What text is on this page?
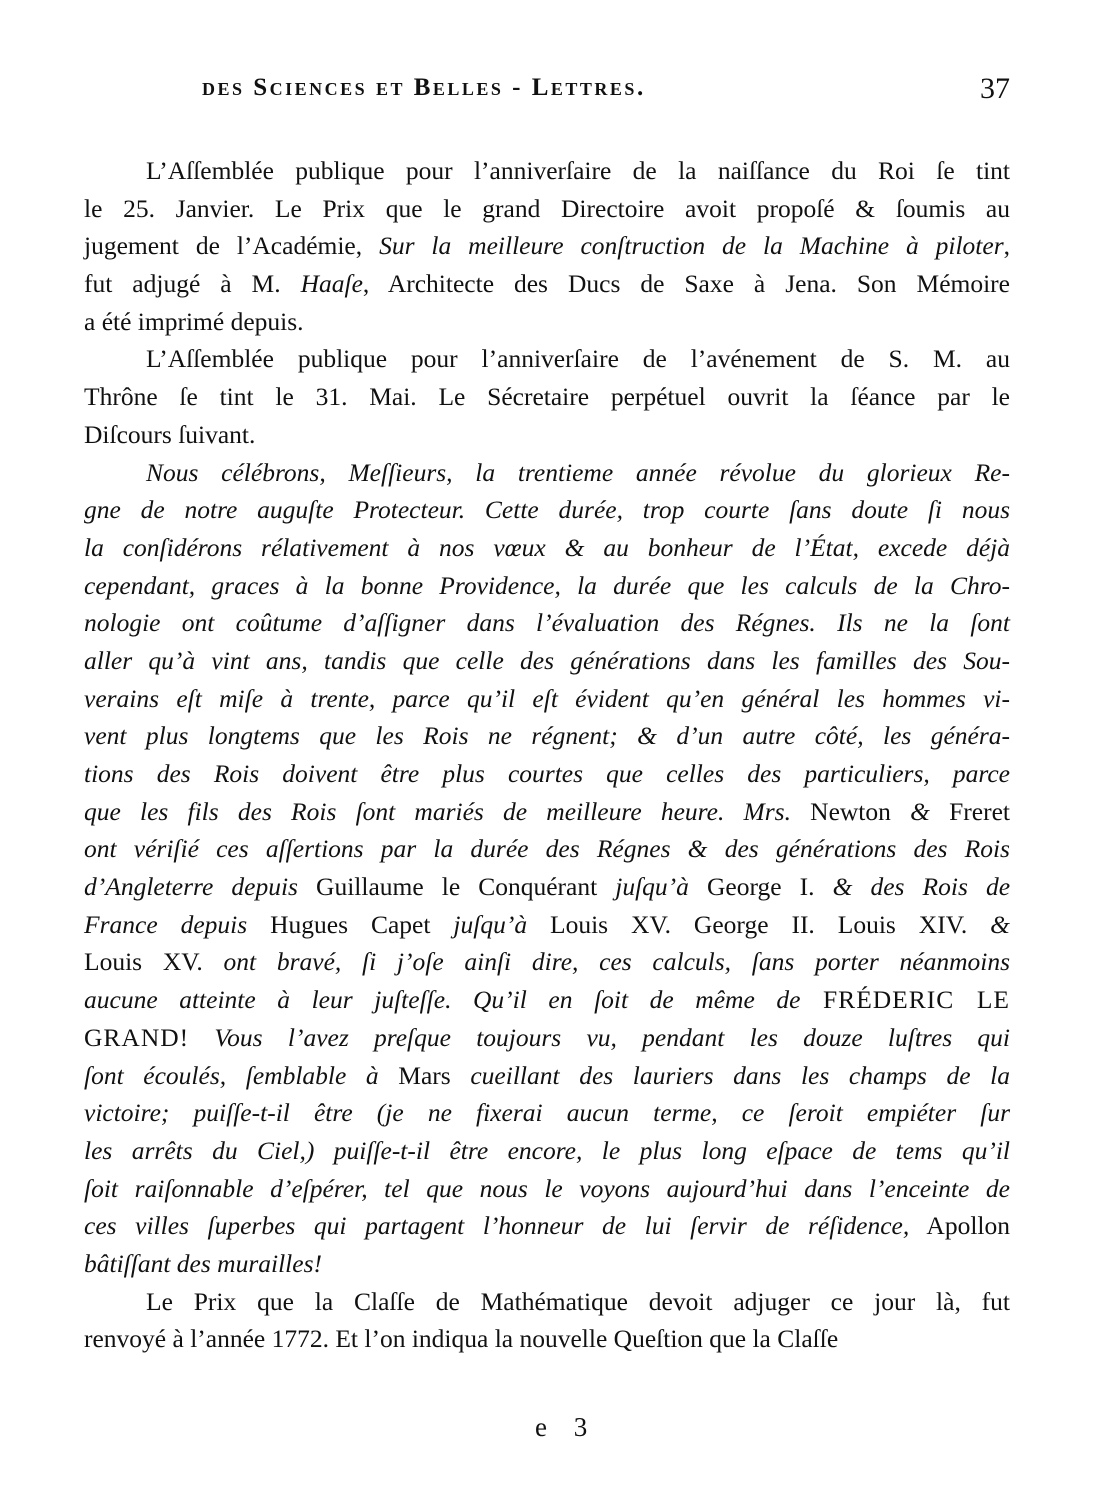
des Sciences et Belles - Lettres.	37
L’Aſſemblée publique pour l’anniverſaire de la naiſſance du Roi ſe tint
le 25. Janvier. Le Prix que le grand Directoire avoit propoſé & ſoumis au
jugement de l’Académie, Sur la meilleure conſtruction de la Machine à piloter,
fut adjugé à M. Haaſe, Architecte des Ducs de Saxe à Jena. Son Mémoire
a été imprimé depuis.
L’Aſſemblée publique pour l’anniverſaire de l’avénement de S. M. au
Thrône ſe tint le 31. Mai. Le Sécretaire perpétuel ouvrit la ſéance par le
Diſcours ſuivant.
Nous célébrons, Meſſieurs, la trentieme année révolue du glorieux Re-
gne de notre auguſte Protecteur. Cette durée, trop courte ſans doute ſi nous
la conſidérons rélativement à nos vœux & au bonheur de l’État, excede déjà
cependant, graces à la bonne Providence, la durée que les calculs de la Chro-
nologie ont coûtume d’aſſigner dans l’évaluation des Régnes. Ils ne la ſont
aller qu’à vint ans, tandis que celle des générations dans les familles des Sou-
verains eſt miſe à trente, parce qu’il eſt évident qu’en général les hommes vi-
vent plus longtems que les Rois ne régnent; & d’un autre côté, les généra-
tions des Rois doivent être plus courtes que celles des particuliers, parce
que les fils des Rois ſont mariés de meilleure heure. Mrs. Newton & Freret
ont vériſié ces aſſertions par la durée des Régnes & des générations des Rois
d’Angleterre depuis Guillaume le Conquérant juſqu’à George I. & des Rois de
France depuis Hugues Capet juſqu’à Louis XV. George II. Louis XIV. &
Louis XV. ont bravé, ſi j’oſe ainſi dire, ces calculs, ſans porter néanmoins
aucune atteinte à leur juſteſſe. Qu’il en ſoit de même de FRÉDERIC LE
GRAND! Vous l’avez preſque toujours vu, pendant les douze luſtres qui
ſont écoulés, ſemblable à Mars cueillant des lauriers dans les champs de la
victoire; puiſſe-t-il être (je ne fixerai aucun terme, ce ſeroit empiéter ſur
les arrêts du Ciel,) puiſſe-t-il être encore, le plus long eſpace de tems qu’il
ſoit raiſonnable d’eſpérer, tel que nous le voyons aujourd’hui dans l’enceinte de
ces villes ſuperbes qui partagent l’honneur de lui ſervir de réſidence, Apollon
bâtiſſant des murailles!
Le Prix que la Claſſe de Mathématique devoit adjuger ce jour là, fut
renvoyé à l’année 1772. Et l’on indiqua la nouvelle Queſtion que la Claſſe
e 3
